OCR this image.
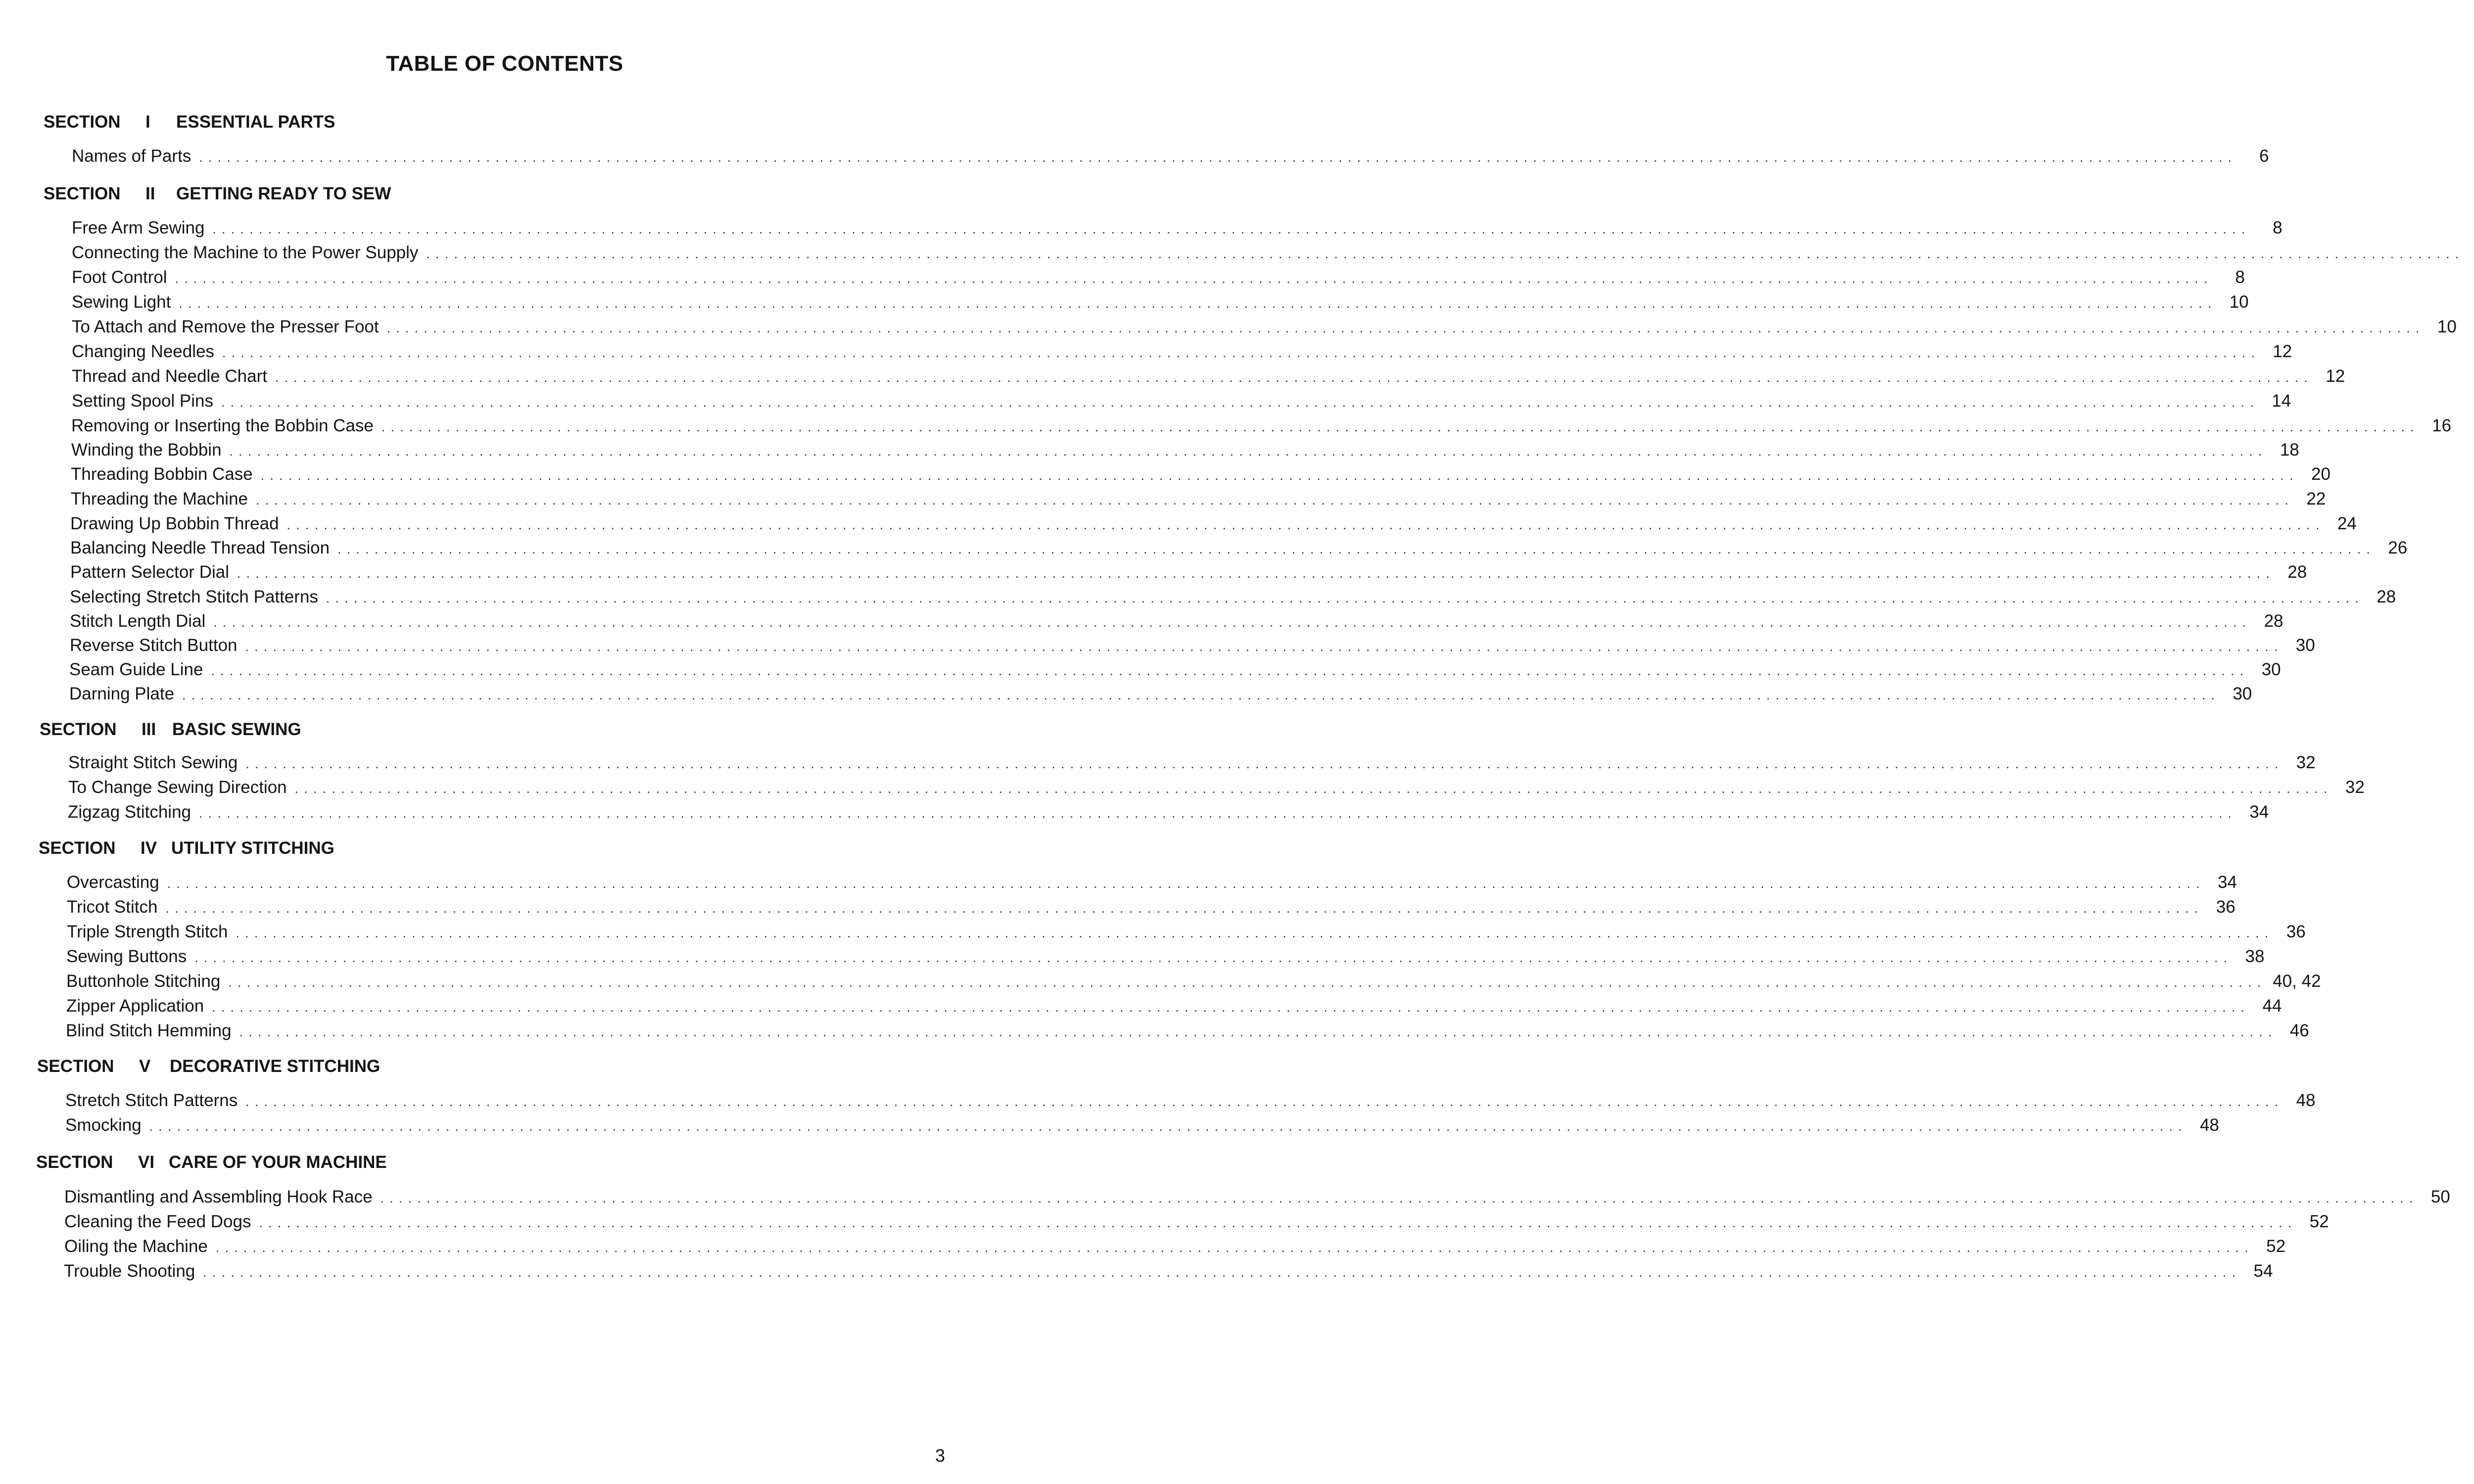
TABLE OF CONTENTS
SECTION I ESSENTIAL PARTS
Names of Parts ............................................................................................................................................................................................................................	6
SECTION II GETTING READY TO SEW
Free Arm Sewing ............................................................................................................................................................................................................................	8
Connecting the Machine to the Power Supply ............................................................................................................................................................................................................................
Foot Control ............................................................................................................................................................................................................................	8
Sewing Light ............................................................................................................................................................................................................................ 10
To Attach and Remove the Presser Foot ............................................................................................................................................................................................................................ 10
Changing Needles ............................................................................................................................................................................................................................ 12
Thread and Needle Chart ............................................................................................................................................................................................................................ 12
Setting Spool Pins ............................................................................................................................................................................................................................ 14
Removing or Inserting the Bobbin Case ............................................................................................................................................................................................................................ 16
Winding the Bobbin ............................................................................................................................................................................................................................ 18
Threading Bobbin Case ............................................................................................................................................................................................................................ 20
Threading the Machine ............................................................................................................................................................................................................................ 22
Drawing Up Bobbin Thread ............................................................................................................................................................................................................................ 24
Balancing Needle Thread Tension ............................................................................................................................................................................................................................ 26
Pattern Selector Dial ............................................................................................................................................................................................................................ 28
Selecting Stretch Stitch Patterns ............................................................................................................................................................................................................................ 28
Stitch Length Dial ............................................................................................................................................................................................................................ 28
Reverse Stitch Button ............................................................................................................................................................................................................................ 30
Seam Guide Line ............................................................................................................................................................................................................................ 30
Darning Plate ............................................................................................................................................................................................................................ 30
SECTION III BASIC SEWING
Straight Stitch Sewing ............................................................................................................................................................................................................................ 32
To Change Sewing Direction ............................................................................................................................................................................................................................ 32
Zigzag Stitching ............................................................................................................................................................................................................................ 34
SECTION IV UTILITY STITCHING
Overcasting ............................................................................................................................................................................................................................ 34
Tricot Stitch ............................................................................................................................................................................................................................ 36
Triple Strength Stitch ............................................................................................................................................................................................................................ 36
Sewing Buttons ............................................................................................................................................................................................................................ 38
Buttonhole Stitching ............................................................................................................................................................................................................................ 40, 42
Zipper Application ............................................................................................................................................................................................................................ 44
Blind Stitch Hemming ............................................................................................................................................................................................................................ 46
SECTION V DECORATIVE STITCHING
Stretch Stitch Patterns ............................................................................................................................................................................................................................ 48
Smocking ............................................................................................................................................................................................................................ 48
SECTION VI CARE OF YOUR MACHINE
Dismantling and Assembling Hook Race ............................................................................................................................................................................................................................ 50
Cleaning the Feed Dogs ............................................................................................................................................................................................................................ 52
Oiling the Machine ............................................................................................................................................................................................................................ 52
Trouble Shooting ............................................................................................................................................................................................................................ 54
3
